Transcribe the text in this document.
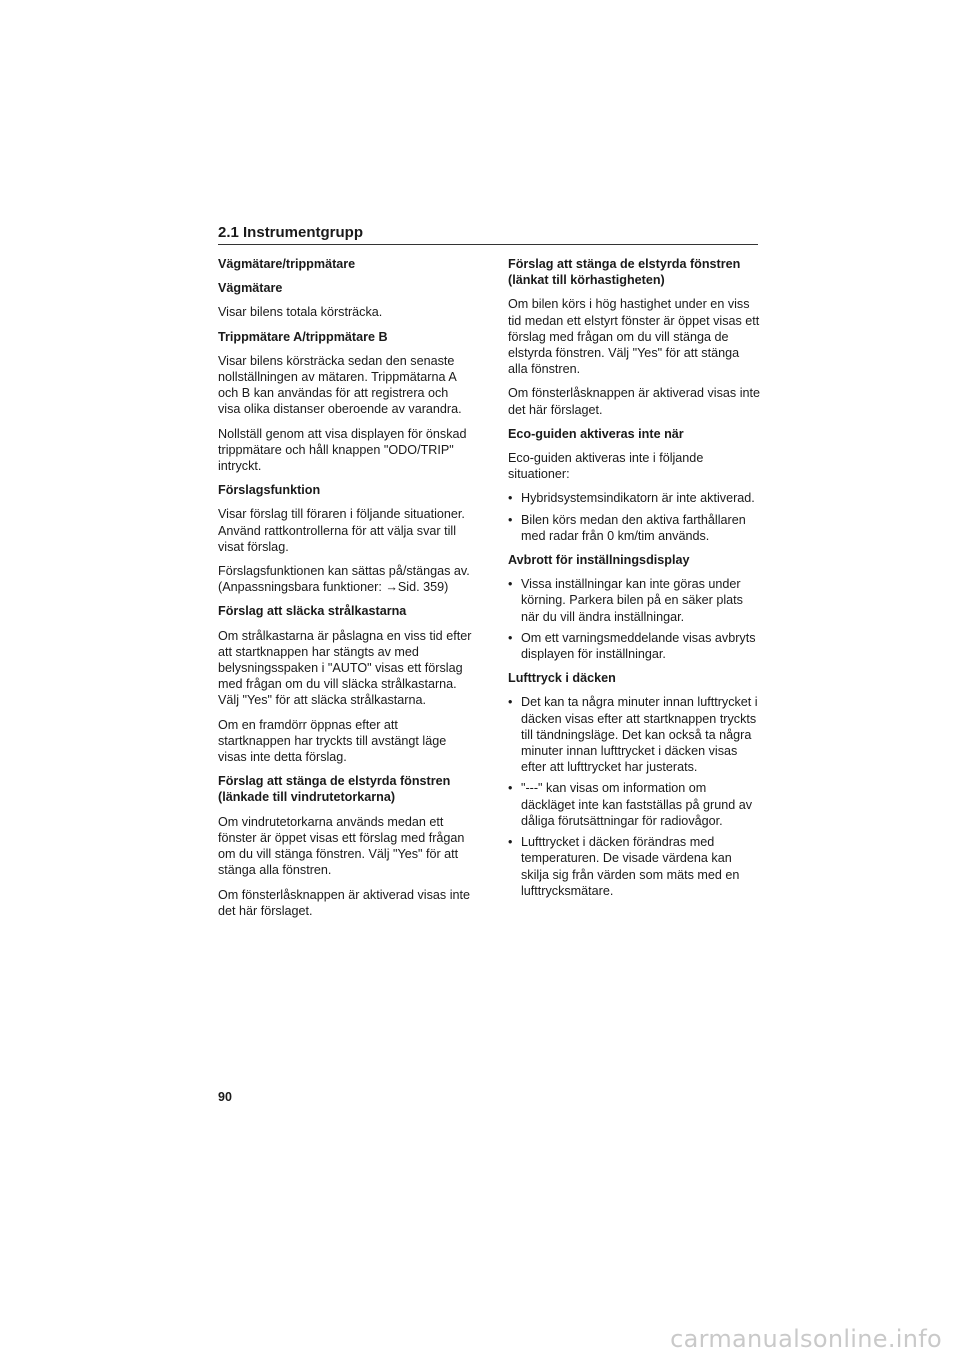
2.1 Instrumentgrupp
Vägmätare/trippmätare
Vägmätare

Visar bilens totala körsträcka.

Trippmätare A/trippmätare B

Visar bilens körsträcka sedan den senaste nollställningen av mätaren. Trippmätarna A och B kan användas för att registrera och visa olika distanser oberoende av varandra.

Nollställ genom att visa displayen för önskad trippmätare och håll knappen "ODO/TRIP" intryckt.

Förslagsfunktion

Visar förslag till föraren i följande situationer. Använd rattkontrollerna för att välja svar till visat förslag.

Förslagsfunktionen kan sättas på/stängas av. (Anpassningsbara funktioner: →Sid. 359)

Förslag att släcka strålkastarna

Om strålkastarna är påslagna en viss tid efter att startknappen har stängts av med belysningsspaken i "AUTO" visas ett förslag med frågan om du vill släcka strålkastarna. Välj "Yes" för att släcka strålkastarna.

Om en framdörr öppnas efter att startknappen har tryckts till avstängt läge visas inte detta förslag.

Förslag att stänga de elstyrda fönstren (länkade till vindrutetorkarna)

Om vindrutetorkarna används medan ett fönster är öppet visas ett förslag med frågan om du vill stänga fönstren. Välj "Yes" för att stänga alla fönstren.

Om fönsterlåsknappen är aktiverad visas inte det här förslaget.

Förslag att stänga de elstyrda fönstren (länkat till körhastigheten)

Om bilen körs i hög hastighet under en viss tid medan ett elstyrt fönster är öppet visas ett förslag med frågan om du vill stänga de elstyrda fönstren. Välj "Yes" för att stänga alla fönstren.

Om fönsterlåsknappen är aktiverad visas inte det här förslaget.

Eco-guiden aktiveras inte när

Eco-guiden aktiveras inte i följande situationer:

• Hybridsystemsindikatorn är inte aktiverad.
• Bilen körs medan den aktiva farthållaren med radar från 0 km/tim används.
Avbrott för inställningsdisplay
• Vissa inställningar kan inte göras under körning. Parkera bilen på en säker plats när du vill ändra inställningar.
• Om ett varningsmeddelande visas avbryts displayen för inställningar.
Lufttryck i däcken
• Det kan ta några minuter innan lufttrycket i däcken visas efter att startknappen tryckts till tändningsläge. Det kan också ta några minuter innan lufttrycket i däcken visas efter att lufttrycket har justerats.
• "---" kan visas om information om däckläget inte kan fastställas på grund av dåliga förutsättningar för radiovågor.
• Lufttrycket i däcken förändras med temperaturen. De visade värdena kan skilja sig från värden som mäts med en lufttrycksmätare.
90
carmanualsonline.info
